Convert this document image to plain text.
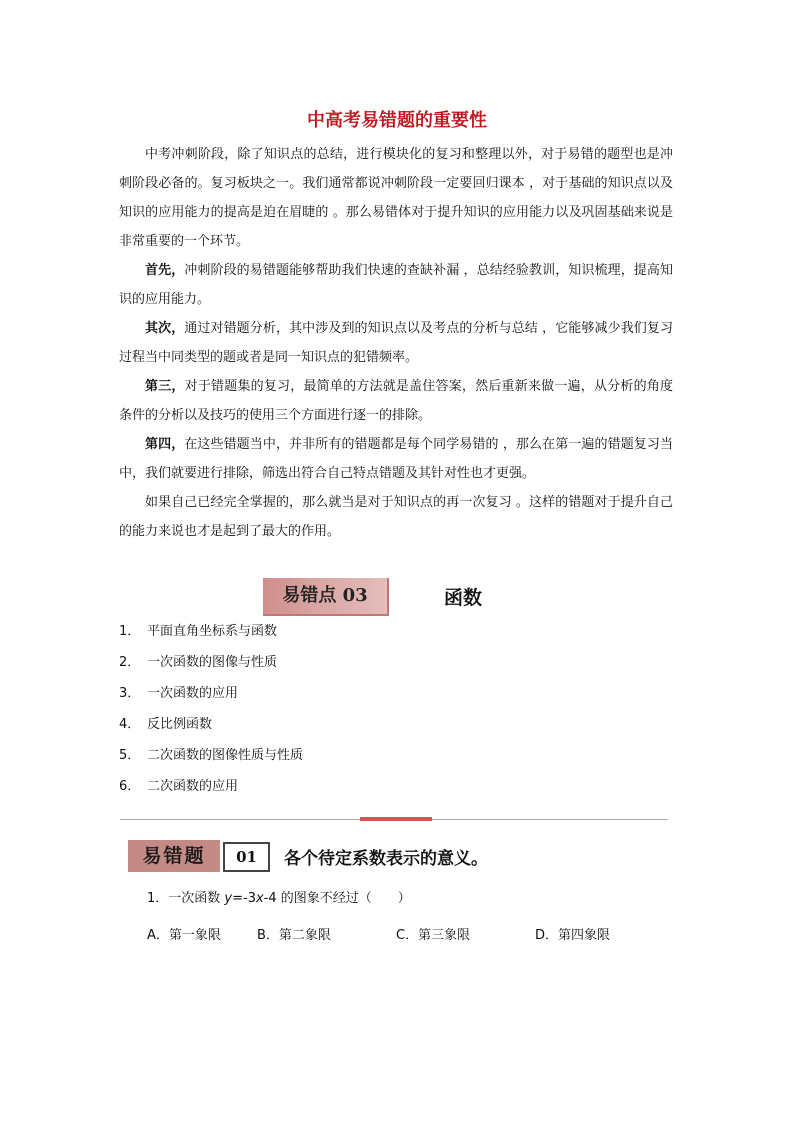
中高考易错题的重要性

中考冲刺阶段，除了知识点的总结，进行模块化的复习和整理以外，对于易错的题型也是冲刺阶段必备的。复习板块之一。我们通常都说冲刺阶段一定要回归课本 ，对于基础的知识点以及知识的应用能力的提高是迫在眉睫的 。那么易错体对于提升知识的应用能力以及巩固基础来说是非常重要的一个环节。

首先，冲刺阶段的易错题能够帮助我们快速的查缺补漏 ，总结经验教训，知识梳理，提高知识的应用能力。

其次，通过对错题分析，其中涉及到的知识点以及考点的分析与总结 ，它能够减少我们复习过程当中同类型的题或者是同一知识点的犯错频率。

第三，对于错题集的复习，最简单的方法就是盖住答案，然后重新来做一遍，从分析的角度条件的分析以及技巧的使用三个方面进行逐一的排除。

第四，在这些错题当中，并非所有的错题都是每个同学易错的 ，那么在第一遍的错题复习当中，我们就要进行排除，筛选出符合自己特点错题及其针对性也才更强。

如果自己已经完全掌握的，那么就当是对于知识点的再一次复习 。这样的错题对于提升自己的能力来说也才是起到了最大的作用。

易错点 03	函数
1． 平面直角坐标系与函数
2． 一次函数的图像与性质
3． 一次函数的应用
4． 反比例函数
5． 二次函数的图像性质与性质
6． 二次函数的应用
易错题	01	各个待定系数表示的意义。
1．一次函数 y=-3x-4 的图象不经过（　　）
A．第一象限	B．第二象限	C．第三象限	D．第四象限
